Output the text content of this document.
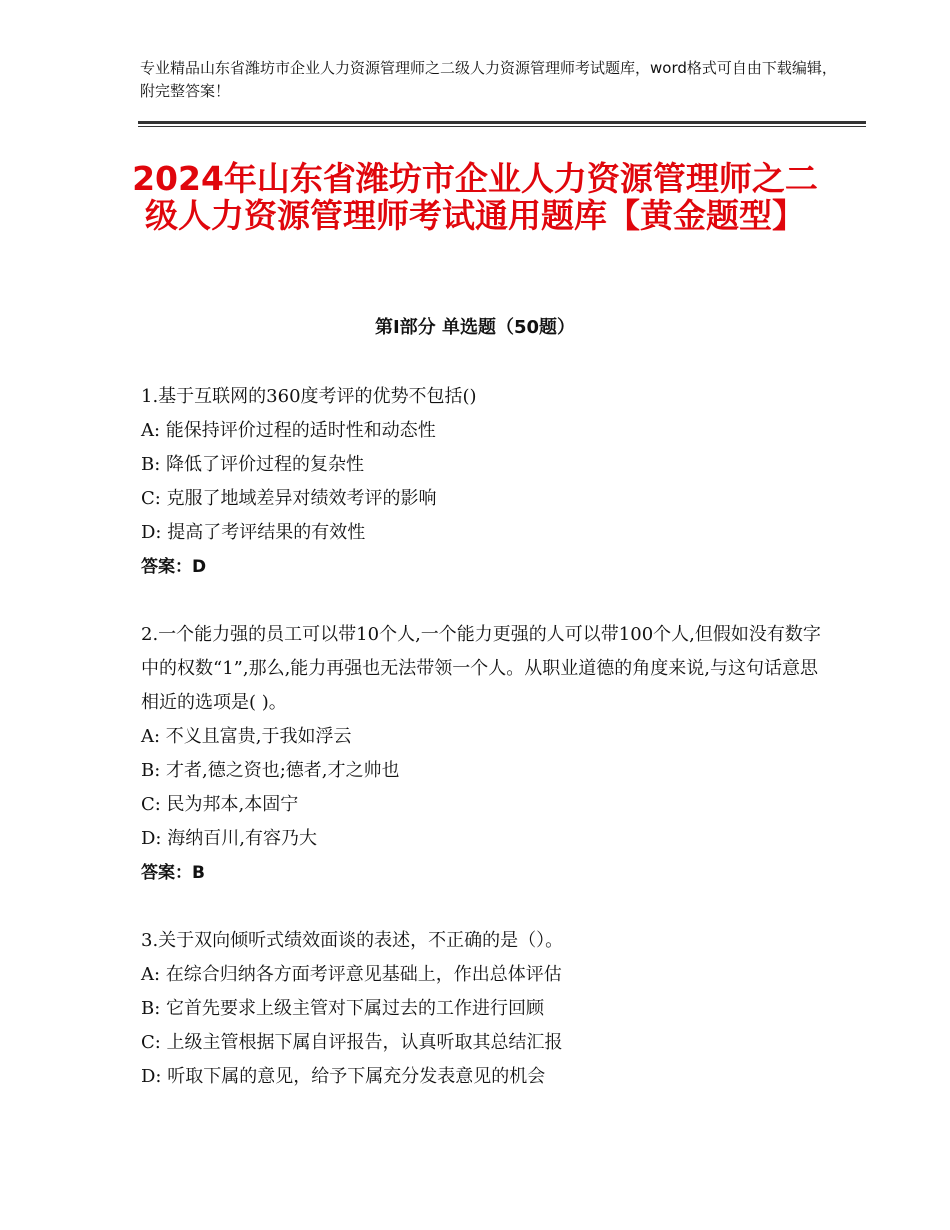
专业精品山东省潍坊市企业人力资源管理师之二级人力资源管理师考试题库，word格式可自由下载编辑，附完整答案！
2024年山东省潍坊市企业人力资源管理师之二级人力资源管理师考试通用题库【黄金题型】
第Ⅰ部分 单选题（50题）
1.基于互联网的360度考评的优势不包括()
A: 能保持评价过程的适时性和动态性
B: 降低了评价过程的复杂性
C: 克服了地域差异对绩效考评的影响
D: 提高了考评结果的有效性
答案：D
2.一个能力强的员工可以带10个人,一个能力更强的人可以带100个人,但假如没有数字中的权数“1”,那么,能力再强也无法带领一个人。从职业道德的角度来说,与这句话意思相近的选项是( )。
A: 不义且富贵,于我如浮云
B: 才者,德之资也;德者,才之帅也
C: 民为邦本,本固宁
D: 海纳百川,有容乃大
答案：B
3.关于双向倾听式绩效面谈的表述，不正确的是（）。
A: 在综合归纳各方面考评意见基础上，作出总体评估
B: 它首先要求上级主管对下属过去的工作进行回顾
C: 上级主管根据下属自评报告，认真听取其总结汇报
D: 听取下属的意见，给予下属充分发表意见的机会
